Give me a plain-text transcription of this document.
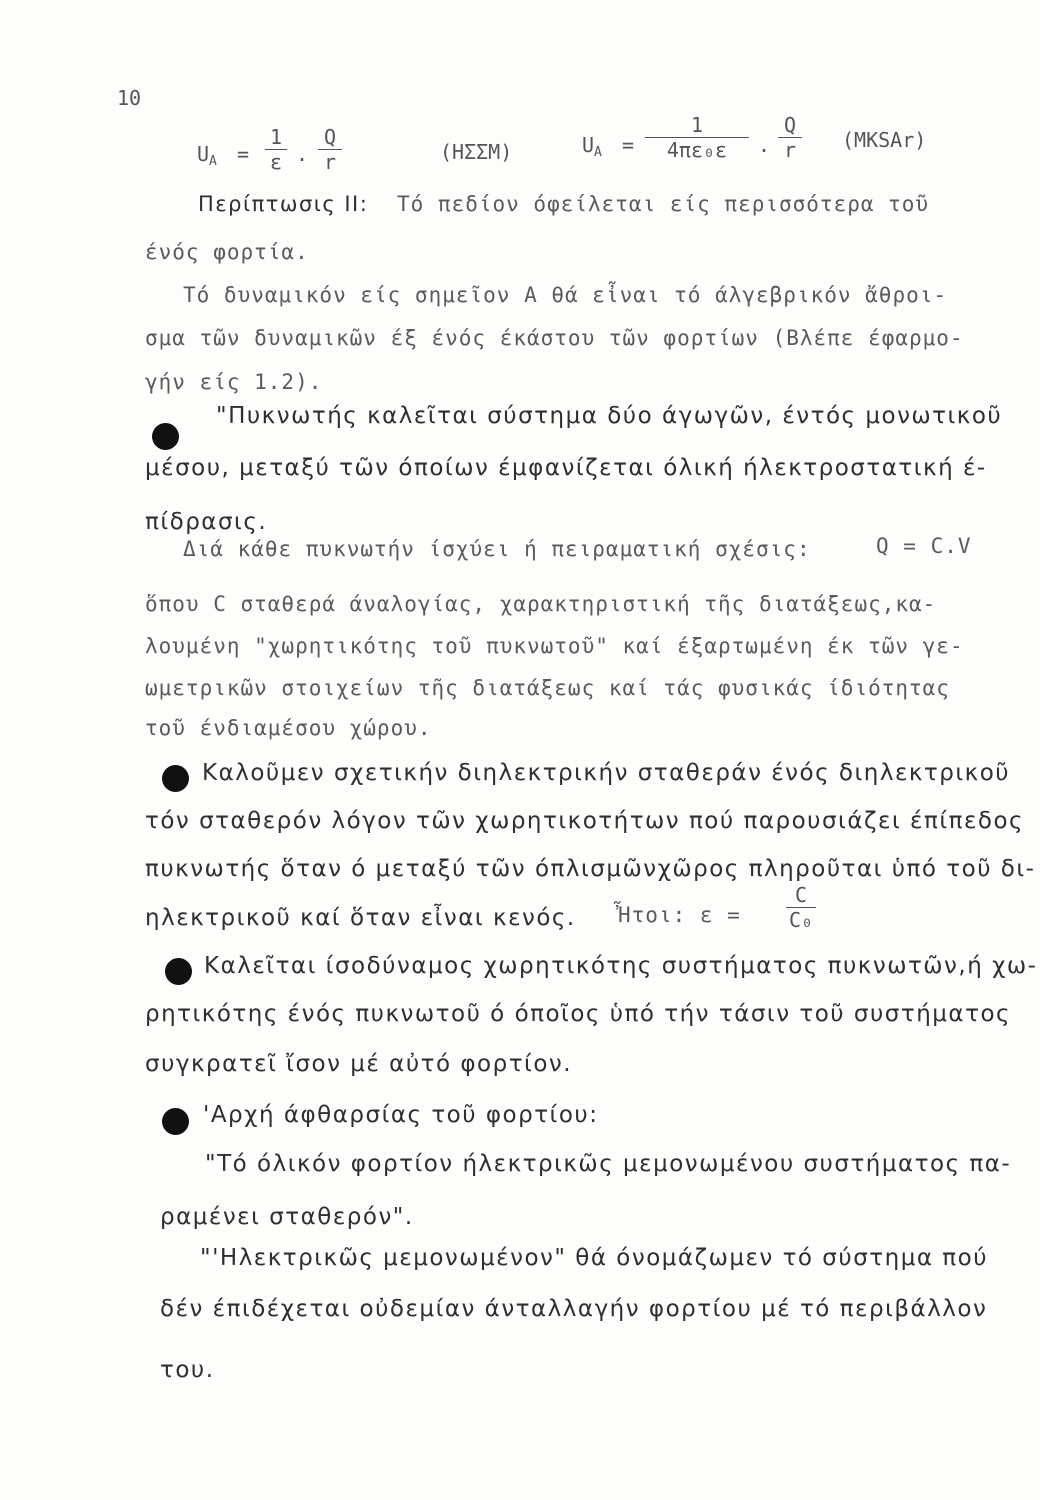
10
$U_A = \frac{1}{\varepsilon}$ . $\frac{Q}{r}$	(ΗΣΣΜ)	$U_A = \frac{1}{\text{4πε₀ε}}$ . $\frac{Q}{r}$ (MKSAr)
Περίπτωσις ΙΙ: Τό πεδίον όφείλεται είς περισσότερα τοῦ
ένός φορτία.
Τό δυναμικόν είς σημεῖον Α θά εἶναι τό άλγεβρικόν ἄθροι-
σμα τῶν δυναμικῶν έξ ένός έκάστου τῶν φορτίων (Βλέπε έφαρμο-
γήν είς 1.2).
"Πυκνωτής καλεῖται σύστημα δύο άγωγῶν, έντός μονωτικοῦ
μέσου, μεταξύ τῶν όποίων έμφανίζεται όλική ήλεκτροστατική έ-
πίδρασις.
Διά κάθε πυκνωτήν ίσχύει ή πειραματική σχέσις:	Q = C.V
ὅπου C σταθερά άναλογίας, χαρακτηριστική τῆς διατάξεως,κα-
λουμένη "χωρητικότης τοῦ πυκνωτοῦ" καί έξαρτωμένη έκ τῶν γε-
ωμετρικῶν στοιχείων τῆς διατάξεως καί τάς φυσικάς ίδιότητας
τοῦ ένδιαμέσου χώρου.
Καλοῦμεν σχετικήν διηλεκτρικήν σταθεράν ένός διηλεκτρικοῦ
τόν σταθερόν λόγον τῶν χωρητικοτήτων πού παρουσιάζει έπίπεδος
πυκνωτής ὅταν ό μεταξύ τῶν όπλισμῶνχῶρος πληροῦται ὑπό τοῦ δι-
ηλεκτρικοῦ καί ὅταν εἶναι κενός. Ἦτοι: $\varepsilon = \frac{C}{\text{C₀}}$
Καλεῖται ίσοδύναμος χωρητικότης συστήματος πυκνωτῶν,ή χω-
ρητικότης ένός πυκνωτοῦ ό όποῖος ὑπό τήν τάσιν τοῦ συστήματος
συγκρατεῖ ἴσον μέ αὐτό φορτίον.
'Αρχή άφθαρσίας τοῦ φορτίου:
"Τό όλικόν φορτίον ήλεκτρικῶς μεμονωμένου συστήματος πα-
ραμένει σταθερόν".
"'Ηλεκτρικῶς μεμονωμένον" θά όνομάζωμεν τό σύστημα πού
δέν έπιδέχεται οὐδεμίαν άνταλλαγήν φορτίου μέ τό περιβάλλον
του.
